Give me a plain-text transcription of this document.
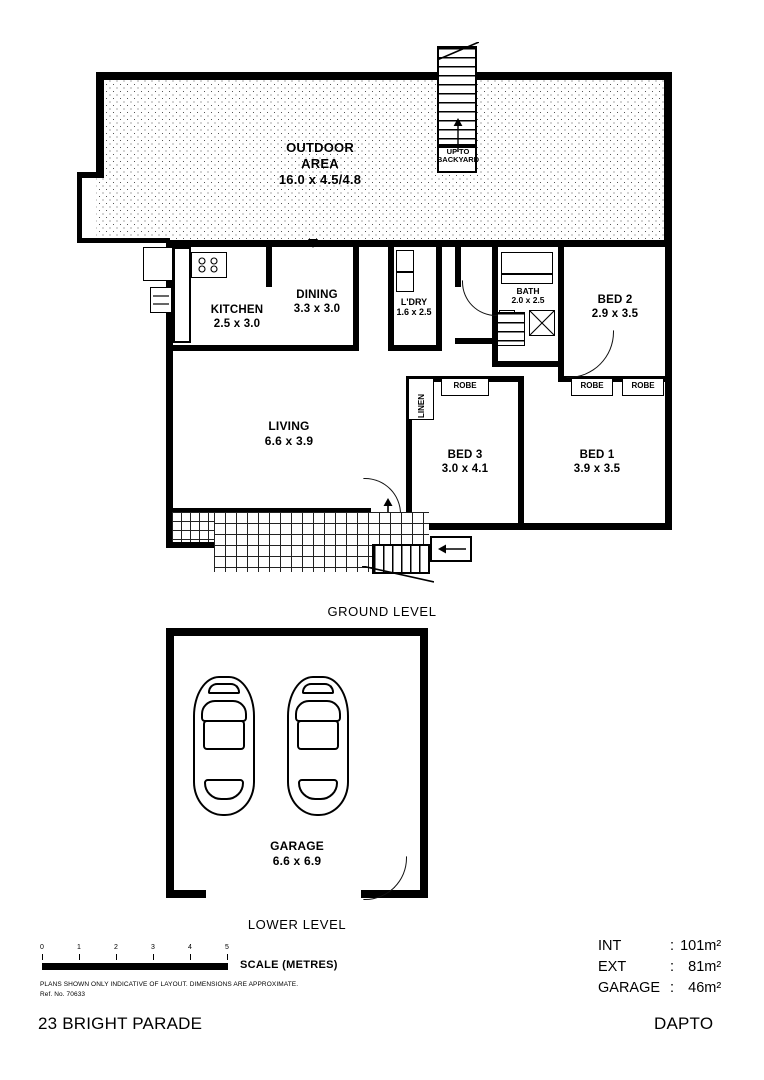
OUTDOOR
AREA
16.0 x 4.5/4.8
UP TO
BACKYARD
KITCHEN
2.5 x 3.0
DINING
3.3 x 3.0
LIVING
6.6 x 3.9
L'DRY
1.6 x 2.5
BATH
2.0 x 2.5	BED 2
2.9 x 3.5
ROBE	ROBE	ROBE
LINEN
BED 3
3.0 x 4.1
BED 1
3.9 x 3.5

GROUND LEVEL
GARAGE
6.6 x 6.9
LOWER LEVEL
0	1	2	3	4	5
SCALE (METRES)
PLANS SHOWN ONLY INDICATIVE OF LAYOUT. DIMENSIONS ARE APPROXIMATE.
Ref. No. 70633
INT	:	101m²
EXT	:	81m²
GARAGE	:	46m²
23 BRIGHT PARADE	DAPTO
